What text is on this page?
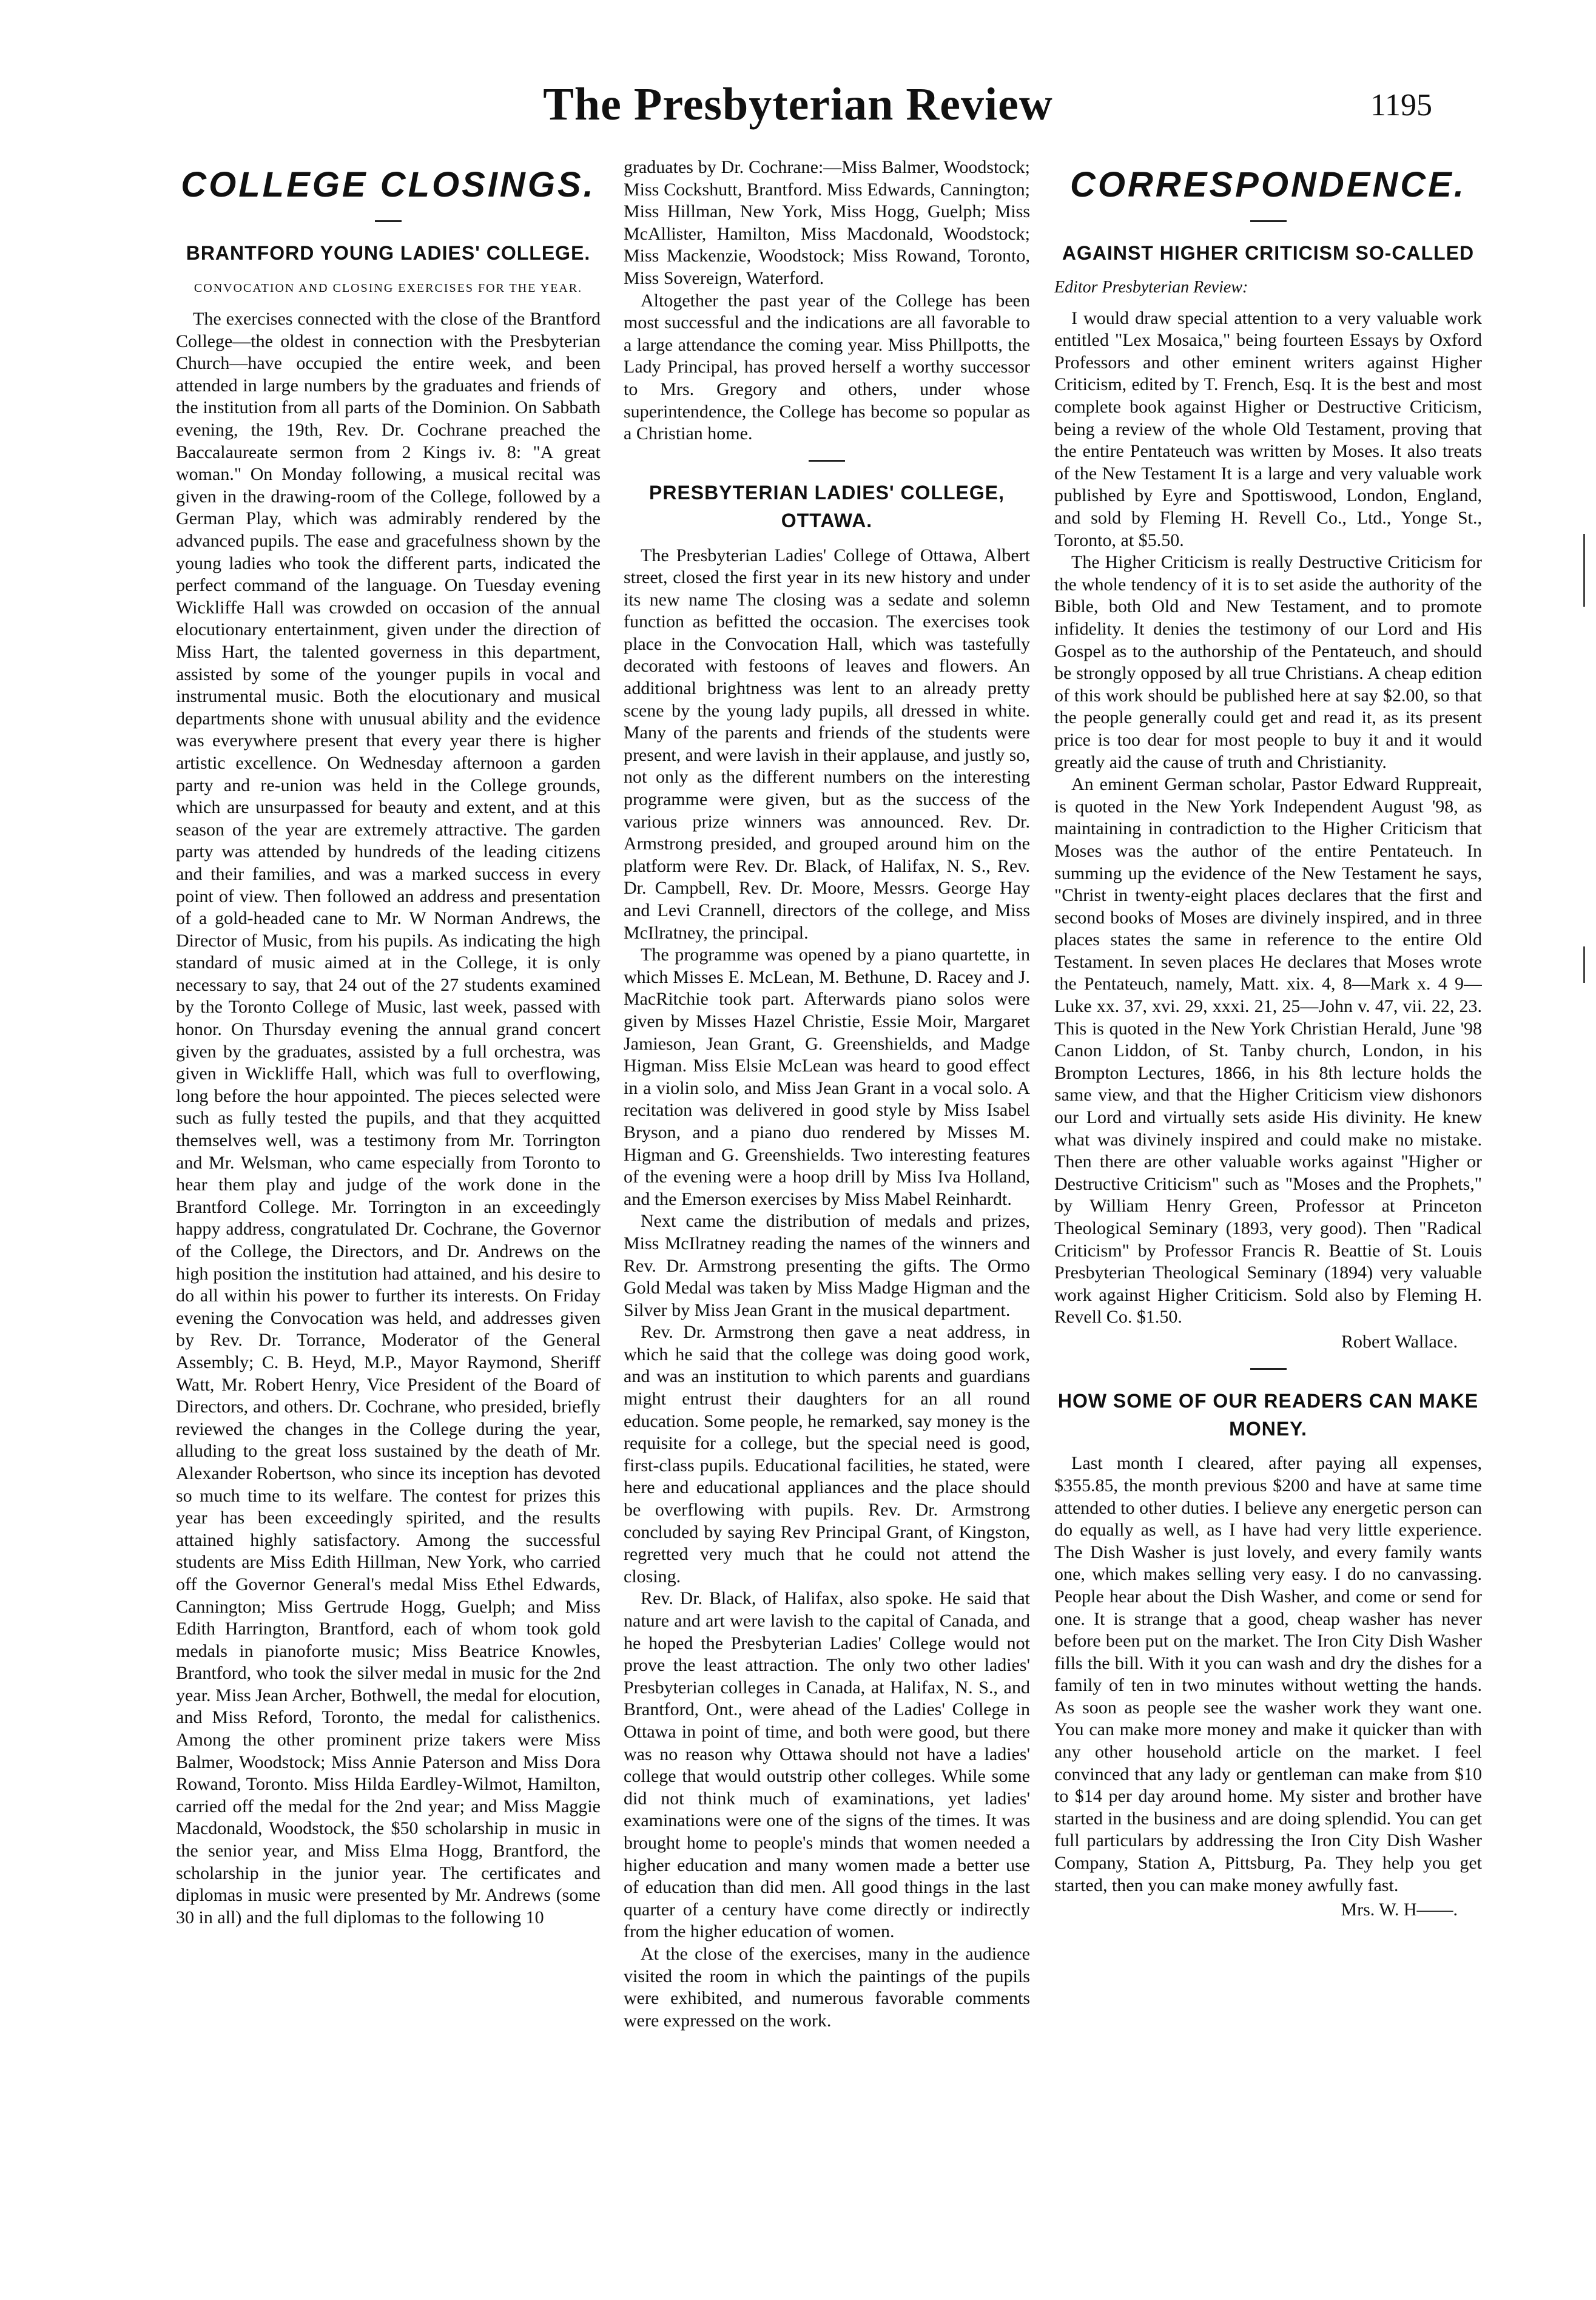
The Presbyterian Review	1195
COLLEGE CLOSINGS.
BRANTFORD YOUNG LADIES' COLLEGE.
CONVOCATION AND CLOSING EXERCISES FOR THE YEAR.

The exercises connected with the close of the Brantford College—the oldest in connection with the Presbyterian Church—have occupied the entire week, and been attended in large numbers by the graduates and friends of the institution from all parts of the Dominion. On Sabbath evening, the 19th, Rev. Dr. Cochrane preached the Baccalaureate sermon from 2 Kings iv. 8: "A great woman." On Monday following, a musical recital was given in the drawing-room of the College, followed by a German Play, which was admirably rendered by the advanced pupils. The ease and gracefulness shown by the young ladies who took the different parts, indicated the perfect command of the language. On Tuesday evening Wickliffe Hall was crowded on occasion of the annual elocutionary entertainment, given under the direction of Miss Hart, the talented governess in this department, assisted by some of the younger pupils in vocal and instrumental music. Both the elocutionary and musical departments shone with unusual ability and the evidence was everywhere present that every year there is higher artistic excellence. On Wednesday afternoon a garden party and re-union was held in the College grounds, which are unsurpassed for beauty and extent, and at this season of the year are extremely attractive. The garden party was attended by hundreds of the leading citizens and their families, and was a marked success in every point of view. Then followed an address and presentation of a gold-headed cane to Mr. W Norman Andrews, the Director of Music, from his pupils. As indicating the high standard of music aimed at in the College, it is only necessary to say, that 24 out of the 27 students examined by the Toronto College of Music, last week, passed with honor. On Thursday evening the annual grand concert given by the graduates, assisted by a full orchestra, was given in Wickliffe Hall, which was full to overflowing, long before the hour appointed. The pieces selected were such as fully tested the pupils, and that they acquitted themselves well, was a testimony from Mr. Torrington and Mr. Welsman, who came especially from Toronto to hear them play and judge of the work done in the Brantford College. Mr. Torrington in an exceedingly happy address, congratulated Dr. Cochrane, the Governor of the College, the Directors, and Dr. Andrews on the high position the institution had attained, and his desire to do all within his power to further its interests. On Friday evening the Convocation was held, and addresses given by Rev. Dr. Torrance, Moderator of the General Assembly; C. B. Heyd, M.P., Mayor Raymond, Sheriff Watt, Mr. Robert Henry, Vice President of the Board of Directors, and others. Dr. Cochrane, who presided, briefly reviewed the changes in the College during the year, alluding to the great loss sustained by the death of Mr. Alexander Robertson, who since its inception has devoted so much time to its welfare. The contest for prizes this year has been exceedingly spirited, and the results attained highly satisfactory. Among the successful students are Miss Edith Hillman, New York, who carried off the Governor General's medal Miss Ethel Edwards, Cannington; Miss Gertrude Hogg, Guelph; and Miss Edith Harrington, Brantford, each of whom took gold medals in pianoforte music; Miss Beatrice Knowles, Brantford, who took the silver medal in music for the 2nd year. Miss Jean Archer, Bothwell, the medal for elocution, and Miss Reford, Toronto, the medal for calisthenics. Among the other prominent prize takers were Miss Balmer, Woodstock; Miss Annie Paterson and Miss Dora Rowand, Toronto. Miss Hilda Eardley-Wilmot, Hamilton, carried off the medal for the 2nd year; and Miss Maggie Macdonald, Woodstock, the $50 scholarship in music in the senior year, and Miss Elma Hogg, Brantford, the scholarship in the junior year. The certificates and diplomas in music were presented by Mr. Andrews (some 30 in all) and the full diplomas to the following 10

graduates by Dr. Cochrane:—Miss Balmer, Woodstock; Miss Cockshutt, Brantford. Miss Edwards, Cannington; Miss Hillman, New York, Miss Hogg, Guelph; Miss McAllister, Hamilton, Miss Macdonald, Woodstock; Miss Mackenzie, Woodstock; Miss Rowand, Toronto, Miss Sovereign, Waterford.

Altogether the past year of the College has been most successful and the indications are all favorable to a large attendance the coming year. Miss Phillpotts, the Lady Principal, has proved herself a worthy successor to Mrs. Gregory and others, under whose superintendence, the College has become so popular as a Christian home.

PRESBYTERIAN LADIES' COLLEGE, OTTAWA.

The Presbyterian Ladies' College of Ottawa, Albert street, closed the first year in its new history and under its new name The closing was a sedate and solemn function as befitted the occasion. The exercises took place in the Convocation Hall, which was tastefully decorated with festoons of leaves and flowers. An additional brightness was lent to an already pretty scene by the young lady pupils, all dressed in white. Many of the parents and friends of the students were present, and were lavish in their applause, and justly so, not only as the different numbers on the interesting programme were given, but as the success of the various prize winners was announced. Rev. Dr. Armstrong presided, and grouped around him on the platform were Rev. Dr. Black, of Halifax, N. S., Rev. Dr. Campbell, Rev. Dr. Moore, Messrs. George Hay and Levi Crannell, directors of the college, and Miss McIlratney, the principal.

The programme was opened by a piano quartette, in which Misses E. McLean, M. Bethune, D. Racey and J. MacRitchie took part. Afterwards piano solos were given by Misses Hazel Christie, Essie Moir, Margaret Jamieson, Jean Grant, G. Greenshields, and Madge Higman. Miss Elsie McLean was heard to good effect in a violin solo, and Miss Jean Grant in a vocal solo. A recitation was delivered in good style by Miss Isabel Bryson, and a piano duo rendered by Misses M. Higman and G. Greenshields. Two interesting features of the evening were a hoop drill by Miss Iva Holland, and the Emerson exercises by Miss Mabel Reinhardt.

Next came the distribution of medals and prizes, Miss McIlratney reading the names of the winners and Rev. Dr. Armstrong presenting the gifts. The Ormo Gold Medal was taken by Miss Madge Higman and the Silver by Miss Jean Grant in the musical department.

Rev. Dr. Armstrong then gave a neat address, in which he said that the college was doing good work, and was an institution to which parents and guardians might entrust their daughters for an all round education. Some people, he remarked, say money is the requisite for a college, but the special need is good, first-class pupils. Educational facilities, he stated, were here and educational appliances and the place should be overflowing with pupils. Rev. Dr. Armstrong concluded by saying Rev Principal Grant, of Kingston, regretted very much that he could not attend the closing.

Rev. Dr. Black, of Halifax, also spoke. He said that nature and art were lavish to the capital of Canada, and he hoped the Presbyterian Ladies' College would not prove the least attraction. The only two other ladies' Presbyterian colleges in Canada, at Halifax, N. S., and Brantford, Ont., were ahead of the Ladies' College in Ottawa in point of time, and both were good, but there was no reason why Ottawa should not have a ladies' college that would outstrip other colleges. While some did not think much of examinations, yet ladies' examinations were one of the signs of the times. It was brought home to people's minds that women needed a higher education and many women made a better use of education than did men. All good things in the last quarter of a century have come directly or indirectly from the higher education of women.

At the close of the exercises, many in the audience visited the room in which the paintings of the pupils were exhibited, and numerous favorable comments were expressed on the work.

CORRESPONDENCE.
AGAINST HIGHER CRITICISM SO-CALLED
Editor Presbyterian Review:

I would draw special attention to a very valuable work entitled "Lex Mosaica," being fourteen Essays by Oxford Professors and other eminent writers against Higher Criticism, edited by T. French, Esq. It is the best and most complete book against Higher or Destructive Criticism, being a review of the whole Old Testament, proving that the entire Pentateuch was written by Moses. It also treats of the New Testament It is a large and very valuable work published by Eyre and Spottiswood, London, England, and sold by Fleming H. Revell Co., Ltd., Yonge St., Toronto, at $5.50.

The Higher Criticism is really Destructive Criticism for the whole tendency of it is to set aside the authority of the Bible, both Old and New Testament, and to promote infidelity. It denies the testimony of our Lord and His Gospel as to the authorship of the Pentateuch, and should be strongly opposed by all true Christians. A cheap edition of this work should be published here at say $2.00, so that the people generally could get and read it, as its present price is too dear for most people to buy it and it would greatly aid the cause of truth and Christianity.

An eminent German scholar, Pastor Edward Ruppreait, is quoted in the New York Independent August '98, as maintaining in contradiction to the Higher Criticism that Moses was the author of the entire Pentateuch. In summing up the evidence of the New Testament he says, "Christ in twenty-eight places declares that the first and second books of Moses are divinely inspired, and in three places states the same in reference to the entire Old Testament. In seven places He declares that Moses wrote the Pentateuch, namely, Matt. xix. 4, 8—Mark x. 4 9—Luke xx. 37, xvi. 29, xxxi. 21, 25—John v. 47, vii. 22, 23. This is quoted in the New York Christian Herald, June '98 Canon Liddon, of St. Tanby church, London, in his Brompton Lectures, 1866, in his 8th lecture holds the same view, and that the Higher Criticism view dishonors our Lord and virtually sets aside His divinity. He knew what was divinely inspired and could make no mistake. Then there are other valuable works against "Higher or Destructive Criticism" such as "Moses and the Prophets," by William Henry Green, Professor at Princeton Theological Seminary (1893, very good). Then "Radical Criticism" by Professor Francis R. Beattie of St. Louis Presbyterian Theological Seminary (1894) very valuable work against Higher Criticism. Sold also by Fleming H. Revell Co. $1.50.

Robert Wallace.
HOW SOME OF OUR READERS CAN MAKE MONEY.

Last month I cleared, after paying all expenses, $355.85, the month previous $200 and have at same time attended to other duties. I believe any energetic person can do equally as well, as I have had very little experience. The Dish Washer is just lovely, and every family wants one, which makes selling very easy. I do no canvassing. People hear about the Dish Washer, and come or send for one. It is strange that a good, cheap washer has never before been put on the market. The Iron City Dish Washer fills the bill. With it you can wash and dry the dishes for a family of ten in two minutes without wetting the hands. As soon as people see the washer work they want one. You can make more money and make it quicker than with any other household article on the market. I feel convinced that any lady or gentleman can make from $10 to $14 per day around home. My sister and brother have started in the business and are doing splendid. You can get full particulars by addressing the Iron City Dish Washer Company, Station A, Pittsburg, Pa. They help you get started, then you can make money awfully fast.

Mrs. W. H——.
